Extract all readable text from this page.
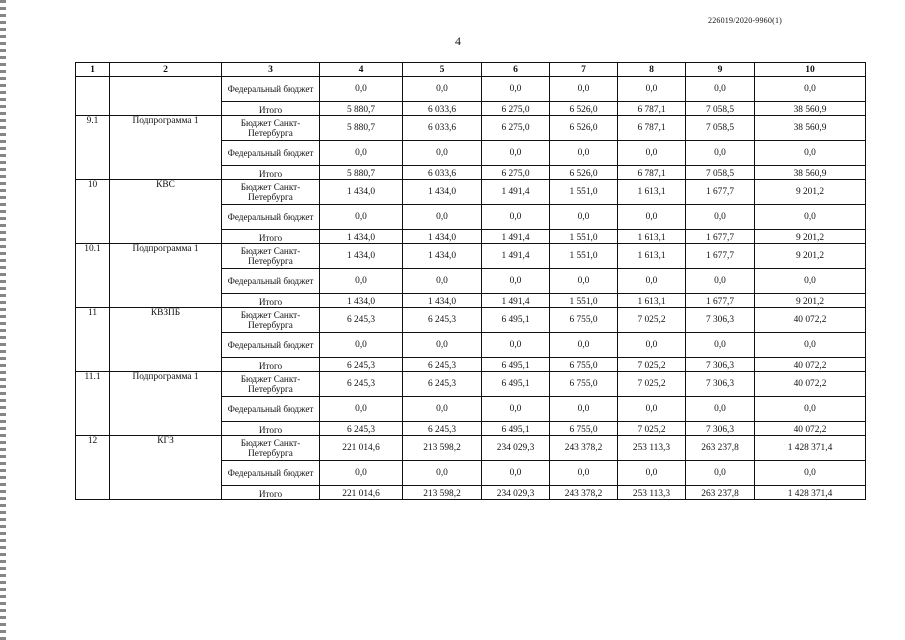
226019/2020-9960(1)
4
1	2	3	4	5	6	7	8	9	10
		Федеральный бюджет	0,0	0,0	0,0	0,0	0,0	0,0	0,0
		Итого	5 880,7	6 033,6	6 275,0	6 526,0	6 787,1	7 058,5	38 560,9
9.1	Подпрограмма 1	Бюджет Санкт-Петербурга	5 880,7	6 033,6	6 275,0	6 526,0	6 787,1	7 058,5	38 560,9
		Федеральный бюджет	0,0	0,0	0,0	0,0	0,0	0,0	0,0
		Итого	5 880,7	6 033,6	6 275,0	6 526,0	6 787,1	7 058,5	38 560,9
10	КВС	Бюджет Санкт-Петербурга	1 434,0	1 434,0	1 491,4	1 551,0	1 613,1	1 677,7	9 201,2
		Федеральный бюджет	0,0	0,0	0,0	0,0	0,0	0,0	0,0
		Итого	1 434,0	1 434,0	1 491,4	1 551,0	1 613,1	1 677,7	9 201,2
10.1	Подпрограмма 1	Бюджет Санкт-Петербурга	1 434,0	1 434,0	1 491,4	1 551,0	1 613,1	1 677,7	9 201,2
		Федеральный бюджет	0,0	0,0	0,0	0,0	0,0	0,0	0,0
		Итого	1 434,0	1 434,0	1 491,4	1 551,0	1 613,1	1 677,7	9 201,2
11	КВЗПБ	Бюджет Санкт-Петербурга	6 245,3	6 245,3	6 495,1	6 755,0	7 025,2	7 306,3	40 072,2
		Федеральный бюджет	0,0	0,0	0,0	0,0	0,0	0,0	0,0
		Итого	6 245,3	6 245,3	6 495,1	6 755,0	7 025,2	7 306,3	40 072,2
11.1	Подпрограмма 1	Бюджет Санкт-Петербурга	6 245,3	6 245,3	6 495,1	6 755,0	7 025,2	7 306,3	40 072,2
		Федеральный бюджет	0,0	0,0	0,0	0,0	0,0	0,0	0,0
		Итого	6 245,3	6 245,3	6 495,1	6 755,0	7 025,2	7 306,3	40 072,2
12	КГЗ	Бюджет Санкт-Петербурга	221 014,6	213 598,2	234 029,3	243 378,2	253 113,3	263 237,8	1 428 371,4
		Федеральный бюджет	0,0	0,0	0,0	0,0	0,0	0,0	0,0
		Итого	221 014,6	213 598,2	234 029,3	243 378,2	253 113,3	263 237,8	1 428 371,4
